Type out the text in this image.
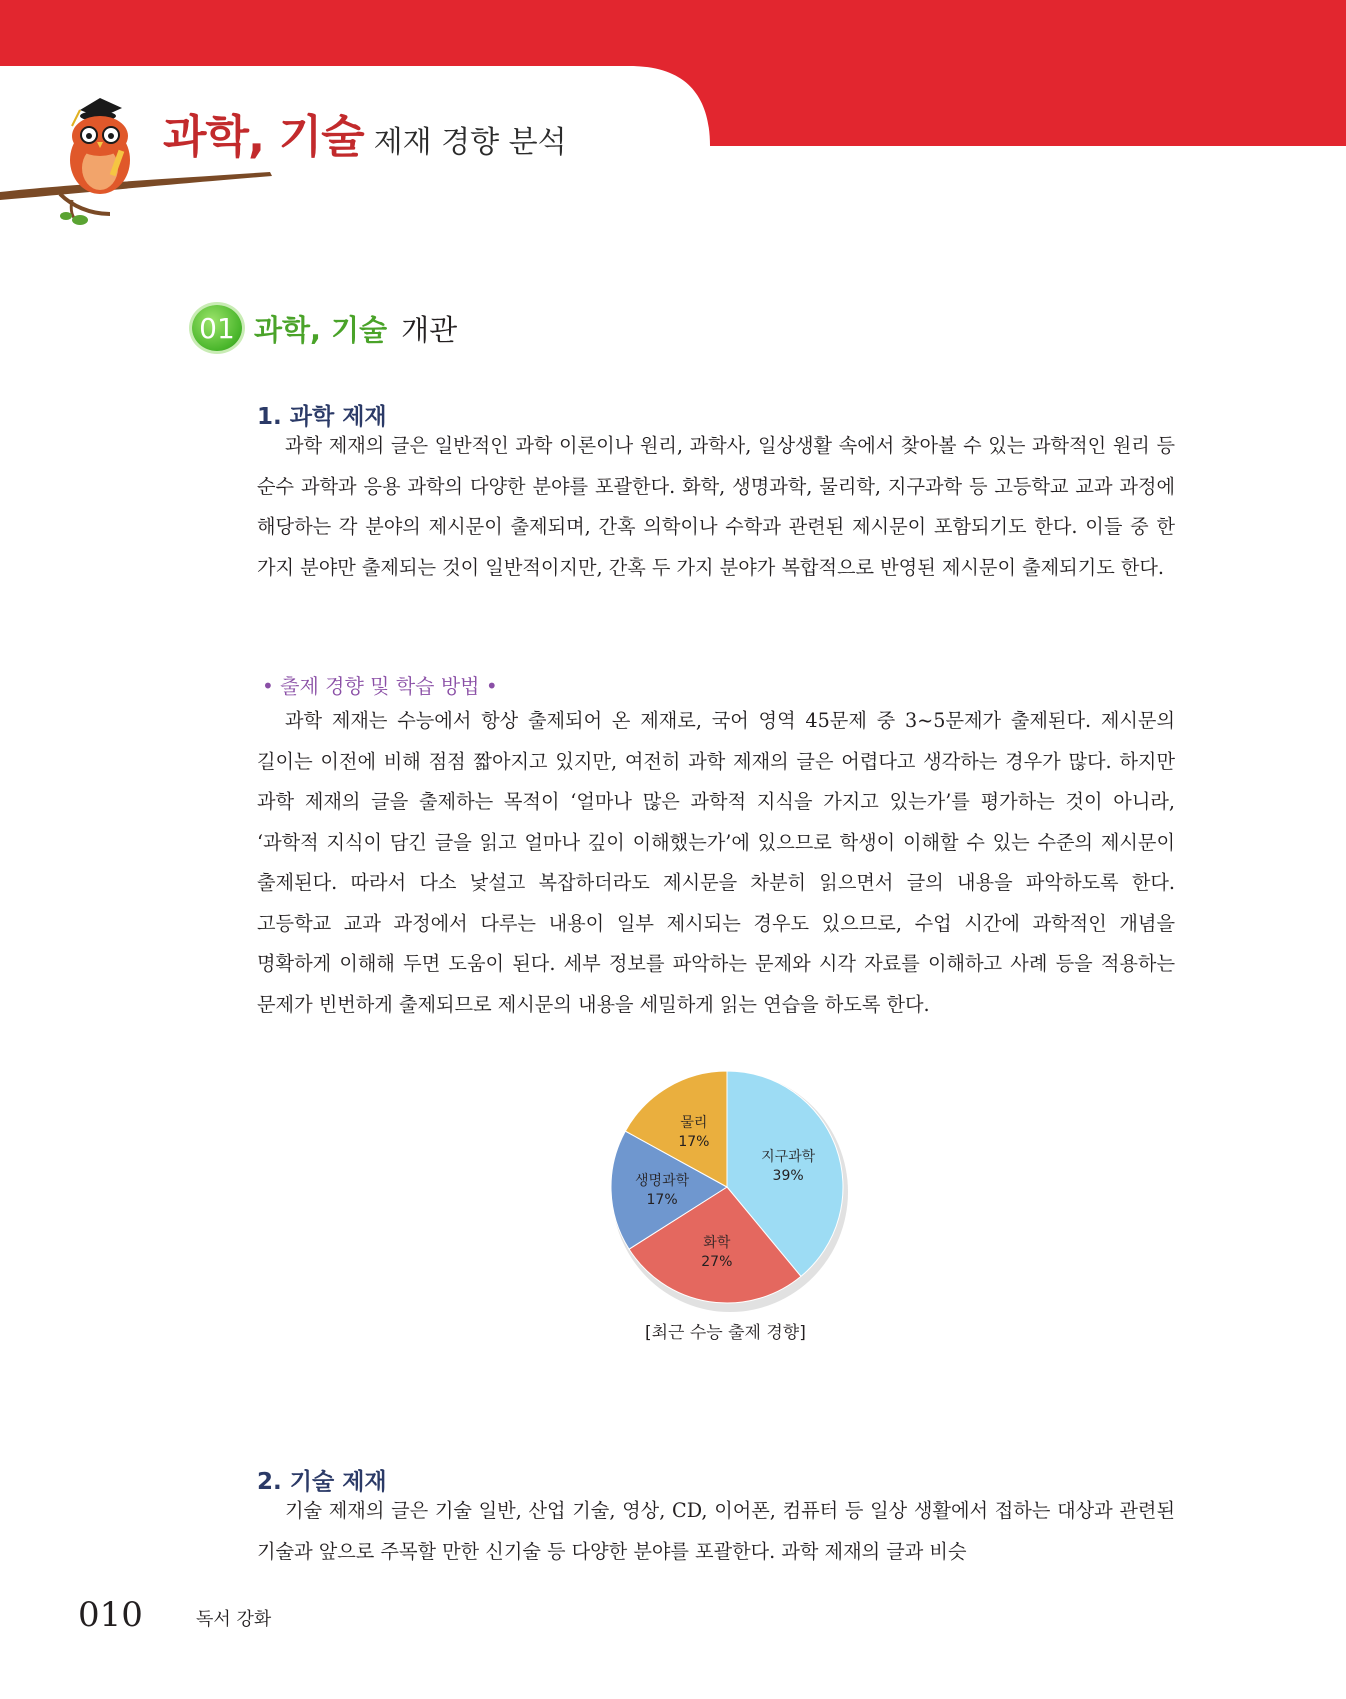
과학, 기술 제재 경향 분석
01 과학, 기술 개관
1. 과학 제재

과학 제재의 글은 일반적인 과학 이론이나 원리, 과학사, 일상생활 속에서 찾아볼 수 있는 과학적인 원리 등 순수 과학과 응용 과학의 다양한 분야를 포괄한다. 화학, 생명과학, 물리학, 지구과학 등 고등학교 교과 과정에 해당하는 각 분야의 제시문이 출제되며, 간혹 의학이나 수학과 관련된 제시문이 포함되기도 한다. 이들 중 한 가지 분야만 출제되는 것이 일반적이지만, 간혹 두 가지 분야가 복합적으로 반영된 제시문이 출제되기도 한다.

• 출제 경향 및 학습 방법 •

과학 제재는 수능에서 항상 출제되어 온 제재로, 국어 영역 45문제 중 3~5문제가 출제된다. 제시문의 길이는 이전에 비해 점점 짧아지고 있지만, 여전히 과학 제재의 글은 어렵다고 생각하는 경우가 많다. 하지만 과학 제재의 글을 출제하는 목적이 ‘얼마나 많은 과학적 지식을 가지고 있는가’를 평가하는 것이 아니라, ‘과학적 지식이 담긴 글을 읽고 얼마나 깊이 이해했는가’에 있으므로 학생이 이해할 수 있는 수준의 제시문이 출제된다. 따라서 다소 낯설고 복잡하더라도 제시문을 차분히 읽으면서 글의 내용을 파악하도록 한다. 고등학교 교과 과정에서 다루는 내용이 일부 제시되는 경우도 있으므로, 수업 시간에 과학적인 개념을 명확하게 이해해 두면 도움이 된다. 세부 정보를 파악하는 문제와 시각 자료를 이해하고 사례 등을 적용하는 문제가 빈번하게 출제되므로 제시문의 내용을 세밀하게 읽는 연습을 하도록 한다.

지구과학
39%
화학
27%
생명과학
17%
물리
17%
[최근 수능 출제 경향]
2. 기술 제재

기술 제재의 글은 기술 일반, 산업 기술, 영상, CD, 이어폰, 컴퓨터 등 일상 생활에서 접하는 대상과 관련된 기술과 앞으로 주목할 만한 신기술 등 다양한 분야를 포괄한다. 과학 제재의 글과 비슷

010	독서 강화
